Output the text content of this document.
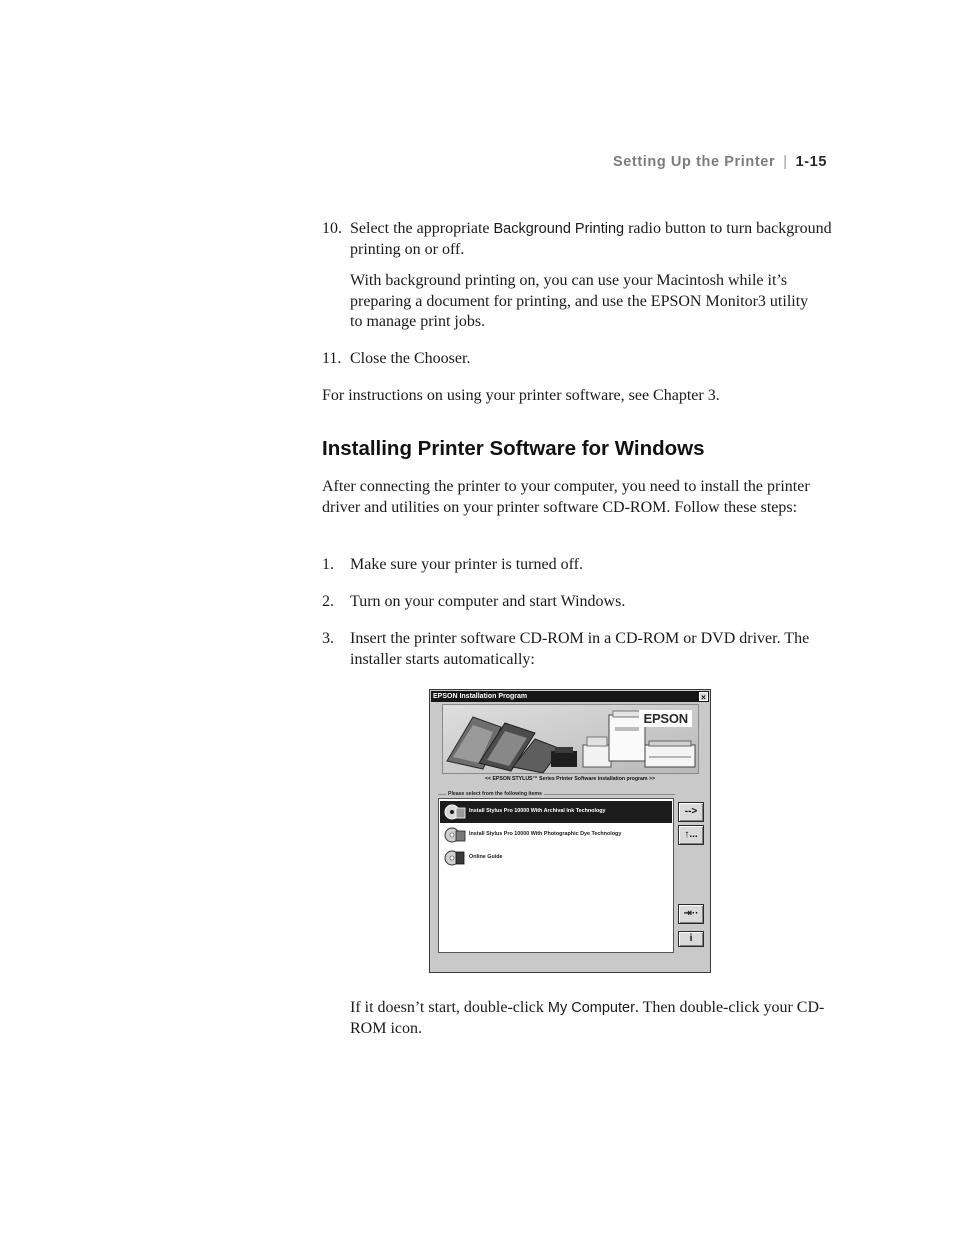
Setting Up the Printer | 1-15
10. Select the appropriate Background Printing radio button to turn background printing on or off.
With background printing on, you can use your Macintosh while it’s preparing a document for printing, and use the EPSON Monitor3 utility to manage print jobs.
11. Close the Chooser.
For instructions on using your printer software, see Chapter 3.
Installing Printer Software for Windows
After connecting the printer to your computer, you need to install the printer driver and utilities on your printer software CD-ROM. Follow these steps:
1. Make sure your printer is turned off.
2. Turn on your computer and start Windows.
3. Insert the printer software CD-ROM in a CD-ROM or DVD driver. The installer starts automatically:
EPSON Installation Program	×
EPSON
<< EPSON STYLUS™ Series Printer Software installation program >>
Please select from the following items
Install Stylus Pro 10000 With Archival Ink Technology
Install Stylus Pro 10000 With Photographic Dye Technology
Online Guide
-->
↑...
⇥··
i
If it doesn’t start, double-click My Computer. Then double-click your CD-ROM icon.
